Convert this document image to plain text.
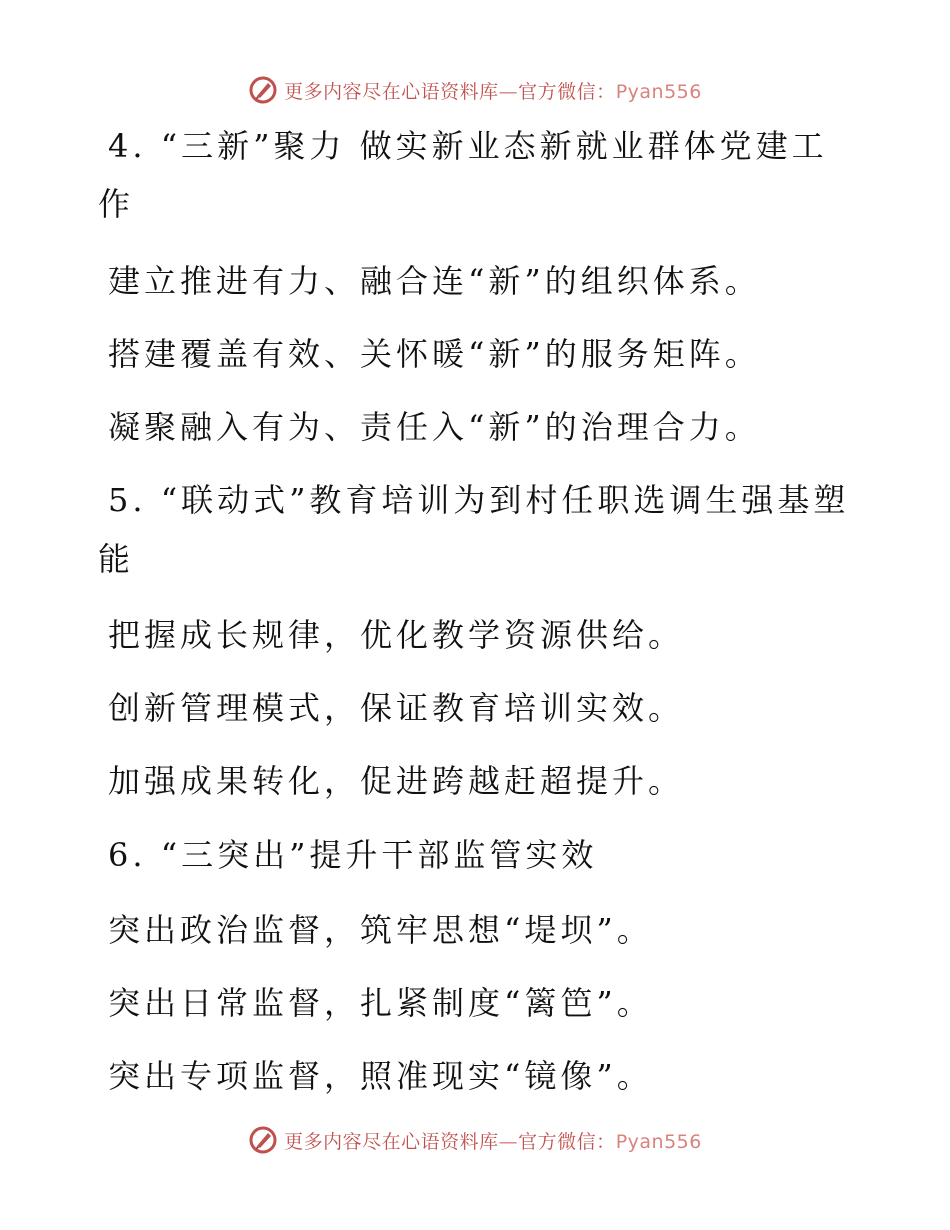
更多内容尽在心语资料库—官方微信：Pyan556
4. “三新”聚力 做实新业态新就业群体党建工
作
建立推进有力、融合连“新”的组织体系。
搭建覆盖有效、关怀暖“新”的服务矩阵。
凝聚融入有为、责任入“新”的治理合力。
5. “联动式”教育培训为到村任职选调生强基塑
能
把握成长规律，优化教学资源供给。
创新管理模式，保证教育培训实效。
加强成果转化，促进跨越赶超提升。
6. “三突出”提升干部监管实效
突出政治监督，筑牢思想“堤坝”。
突出日常监督，扎紧制度“篱笆”。
突出专项监督，照准现实“镜像”。
更多内容尽在心语资料库—官方微信：Pyan556
